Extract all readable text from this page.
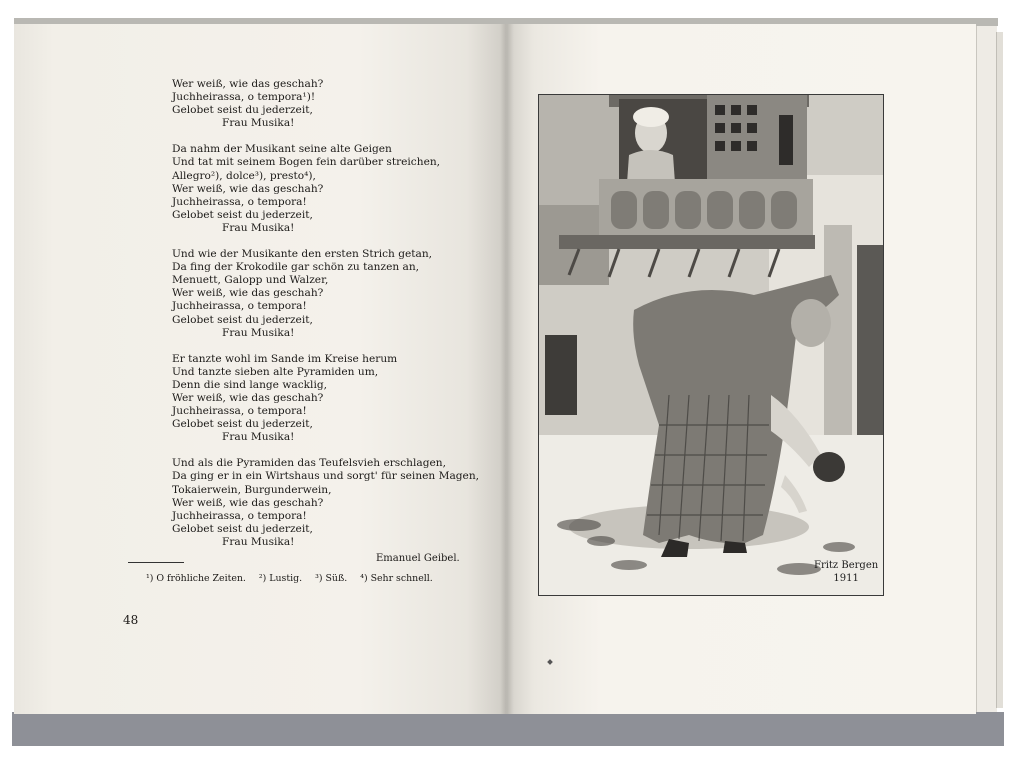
Wer weiß, wie das geschah?
Juchheirassa, o tempora¹)!
Gelobet seist du jederzeit,
Frau Musika!
Da nahm der Musikant seine alte Geigen
Und tat mit seinem Bogen fein darüber streichen,
Allegro²), dolce³), presto⁴),
Wer weiß, wie das geschah?
Juchheirassa, o tempora!
Gelobet seist du jederzeit,
Frau Musika!
Und wie der Musikante den ersten Strich getan,
Da fing der Krokodile gar schön zu tanzen an,
Menuett, Galopp und Walzer,
Wer weiß, wie das geschah?
Juchheirassa, o tempora!
Gelobet seist du jederzeit,
Frau Musika!
Er tanzte wohl im Sande im Kreise herum
Und tanzte sieben alte Pyramiden um,
Denn die sind lange wacklig,
Wer weiß, wie das geschah?
Juchheirassa, o tempora!
Gelobet seist du jederzeit,
Frau Musika!
Und als die Pyramiden das Teufelsvieh erschlagen,
Da ging er in ein Wirtshaus und sorgt' für seinen Magen,
Tokaierwein, Burgunderwein,
Wer weiß, wie das geschah?
Juchheirassa, o tempora!
Gelobet seist du jederzeit,
Frau Musika!
Emanuel Geibel.
¹) O fröhliche Zeiten. ²) Lustig. ³) Süß. ⁴) Sehr schnell.
48
Fritz Bergen
1911
